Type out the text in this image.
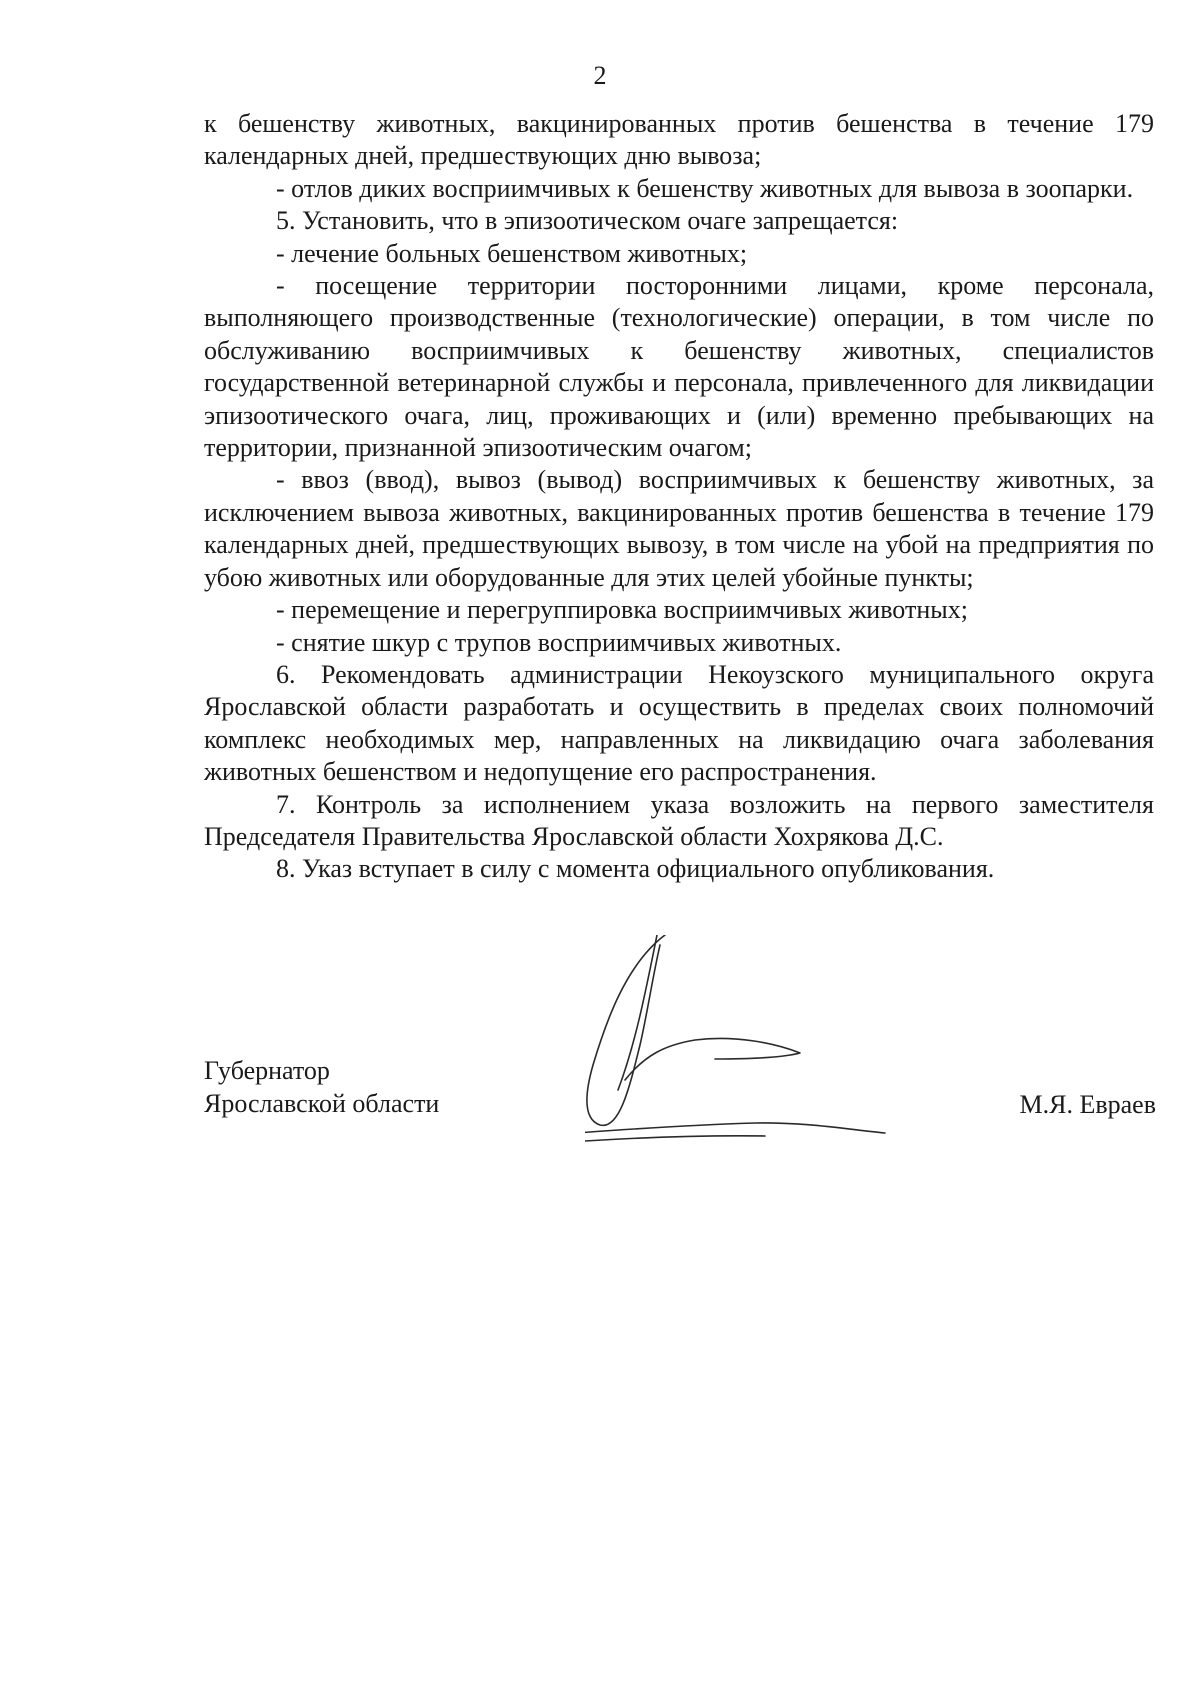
2

к бешенству животных, вакцинированных против бешенства в течение 179 календарных дней, предшествующих дню вывоза;

- отлов диких восприимчивых к бешенству животных для вывоза в зоопарки.

5. Установить, что в эпизоотическом очаге запрещается:

- лечение больных бешенством животных;

- посещение территории посторонними лицами, кроме персонала, выполняющего производственные (технологические) операции, в том числе по обслуживанию восприимчивых к бешенству животных, специалистов государственной ветеринарной службы и персонала, привлеченного для ликвидации эпизоотического очага, лиц, проживающих и (или) временно пребывающих на территории, признанной эпизоотическим очагом;

- ввоз (ввод), вывоз (вывод) восприимчивых к бешенству животных, за исключением вывоза животных, вакцинированных против бешенства в течение 179 календарных дней, предшествующих вывозу, в том числе на убой на предприятия по убою животных или оборудованные для этих целей убойные пункты;

- перемещение и перегруппировка восприимчивых животных;

- снятие шкур с трупов восприимчивых животных.

6. Рекомендовать администрации Некоузского муниципального округа Ярославской области разработать и осуществить в пределах своих полномочий комплекс необходимых мер, направленных на ликвидацию очага заболевания животных бешенством и недопущение его распространения.

7. Контроль за исполнением указа возложить на первого заместителя Председателя Правительства Ярославской области Хохрякова Д.С.

8. Указ вступает в силу с момента официального опубликования.

Губернатор
Ярославской области	М.Я. Евраев
